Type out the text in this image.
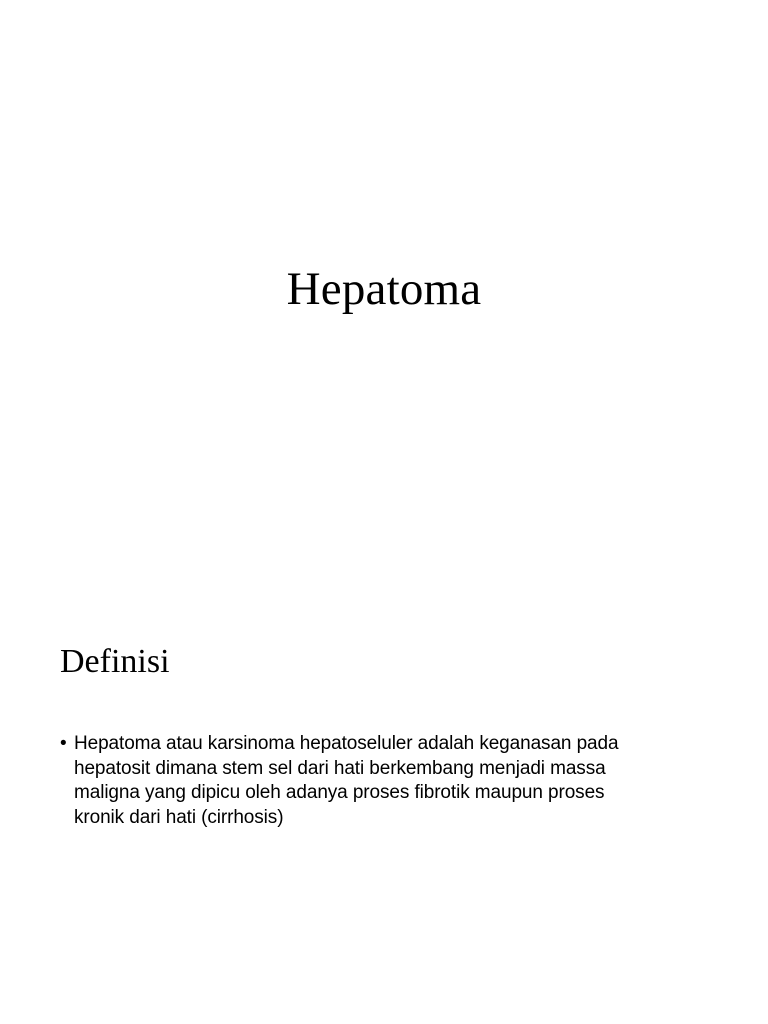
Hepatoma
Definisi
• Hepatoma atau karsinoma hepatoseluler adalah keganasan pada
hepatosit dimana stem sel dari hati berkembang menjadi massa
maligna yang dipicu oleh adanya proses fibrotik maupun proses
kronik dari hati (cirrhosis)
